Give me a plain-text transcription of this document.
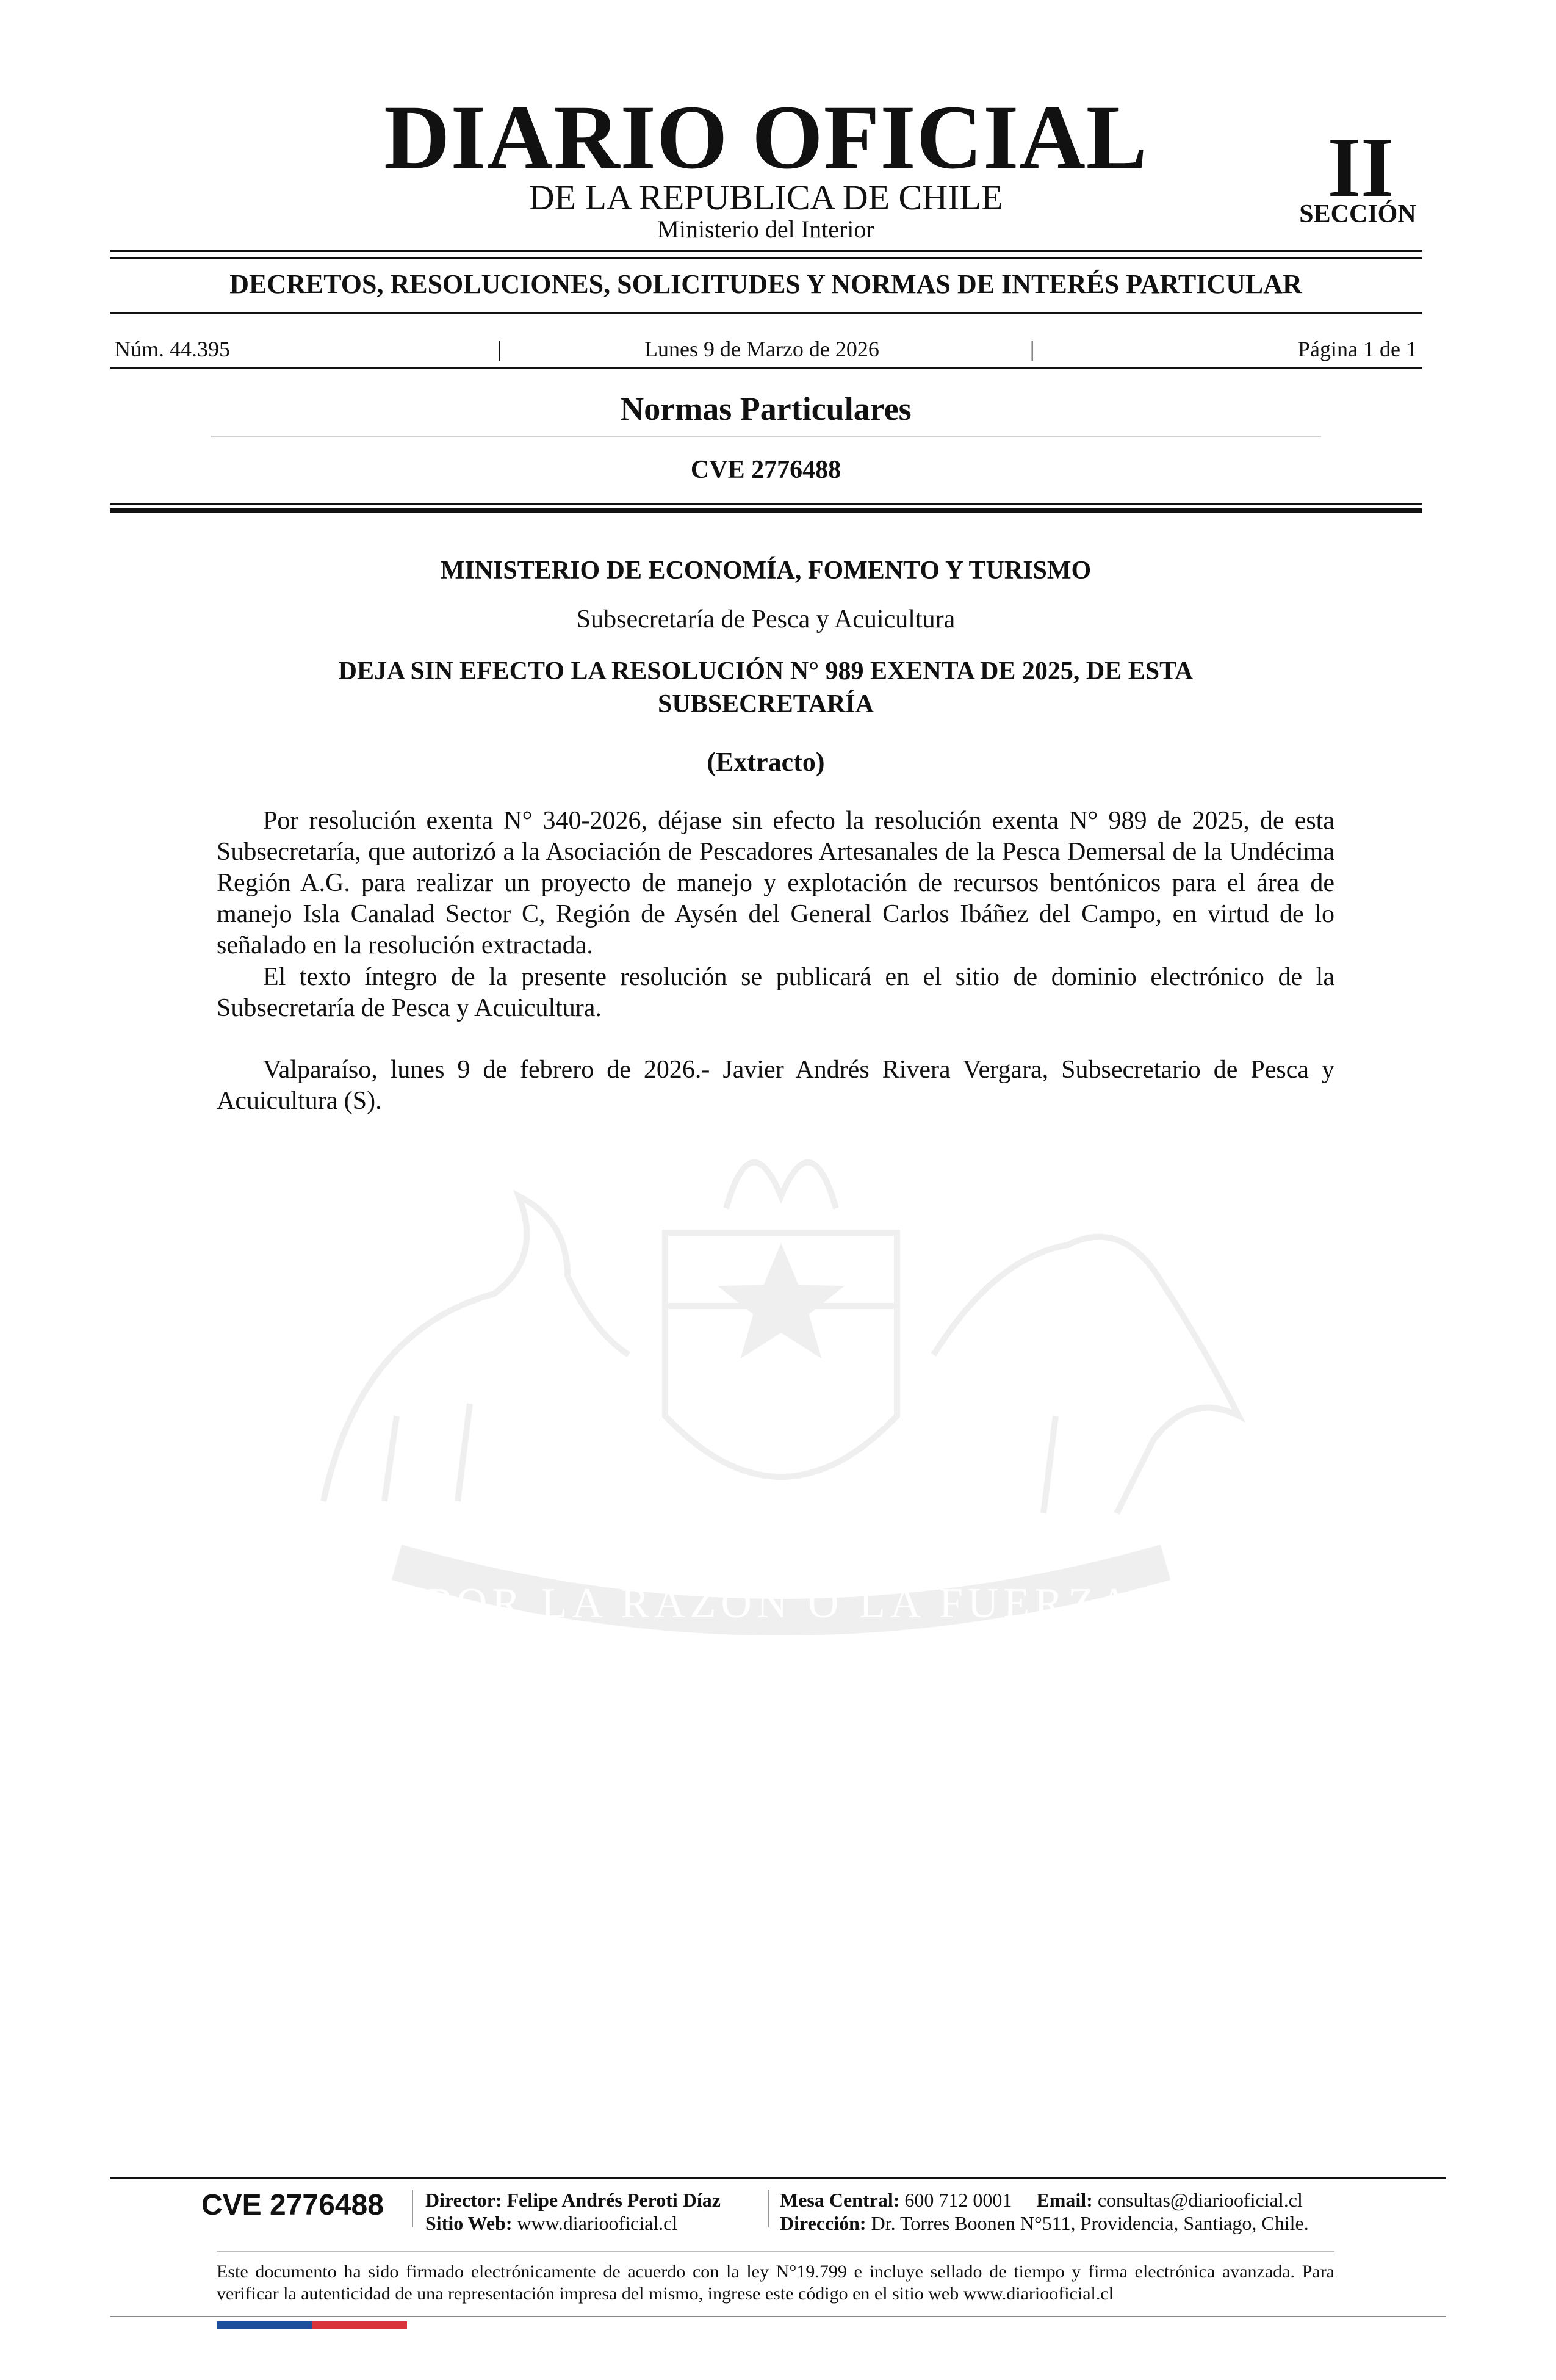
DIARIO OFICIAL
DE LA REPUBLICA DE CHILE
Ministerio del Interior
II
SECCIÓN
DECRETOS, RESOLUCIONES, SOLICITUDES Y NORMAS DE INTERÉS PARTICULAR
Núm. 44.395	|	Lunes 9 de Marzo de 2026	|	Página 1 de 1
Normas Particulares
CVE 2776488
POR LA RAZÓN O LA FUERZA
MINISTERIO DE ECONOMÍA, FOMENTO Y TURISMO
Subsecretaría de Pesca y Acuicultura
DEJA SIN EFECTO LA RESOLUCIÓN N° 989 EXENTA DE 2025, DE ESTA
SUBSECRETARÍA
(Extracto)

Por resolución exenta N° 340-2026, déjase sin efecto la resolución exenta N° 989 de 2025, de esta Subsecretaría, que autorizó a la Asociación de Pescadores Artesanales de la Pesca Demersal de la Undécima Región A.G. para realizar un proyecto de manejo y explotación de recursos bentónicos para el área de manejo Isla Canalad Sector C, Región de Aysén del General Carlos Ibáñez del Campo, en virtud de lo señalado en la resolución extractada.

El texto íntegro de la presente resolución se publicará en el sitio de dominio electrónico de la Subsecretaría de Pesca y Acuicultura.

Valparaíso, lunes 9 de febrero de 2026.- Javier Andrés Rivera Vergara, Subsecretario de Pesca y Acuicultura (S).

CVE 2776488	Director: Felipe Andrés Peroti Díaz
Sitio Web: www.diariooficial.cl
Mesa Central: 600 712 0001 Email: consultas@diariooficial.cl
Dirección: Dr. Torres Boonen N°511, Providencia, Santiago, Chile.
Este documento ha sido firmado electrónicamente de acuerdo con la ley N°19.799 e incluye sellado de tiempo y firma electrónica avanzada. Para verificar la autenticidad de una representación impresa del mismo, ingrese este código en el sitio web www.diariooficial.cl
